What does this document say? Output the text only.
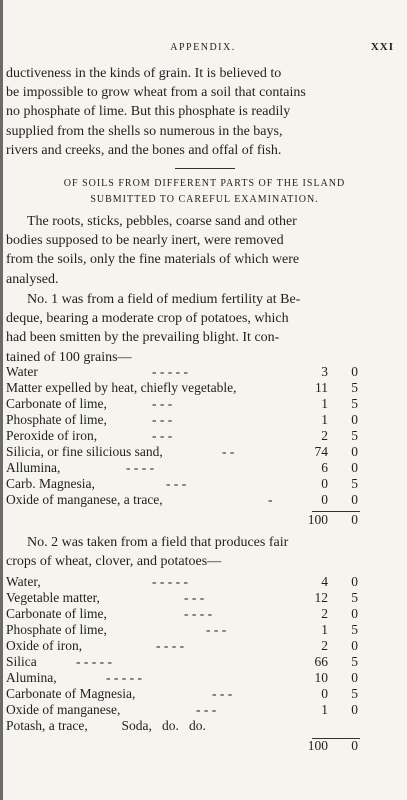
APPENDIX.	XXI

ductiveness in the kinds of grain. It is believed to

be impossible to grow wheat from a soil that contains

no phosphate of lime. But this phosphate is readily

supplied from the shells so numerous in the bays,

rivers and creeks, and the bones and offal of fish.

OF SOILS FROM DIFFERENT PARTS OF THE ISLAND
SUBMITTED TO CAREFUL EXAMINATION.

The roots, sticks, pebbles, coarse sand and other

bodies supposed to be nearly inert, were removed

from the soils, only the fine materials of which were

analysed.

No. 1 was from a field of medium fertility at Be-

deque, bearing a moderate crop of potatoes, which

had been smitten by the prevailing blight. It con-

tained of 100 grains—

Water	- - - - -	3 0
Matter expelled by heat, chiefly vegetable,	11 5
Carbonate of lime,	- - -	1 5
Phosphate of lime,	- - -	1 0
Peroxide of iron,	- - -	2 5
Silicia, or fine silicious sand,	- -	74 0
Allumina,	- - - -	6 0
Carb. Magnesia,	- - -	0 5
Oxide of manganese, a trace,	-	0 0
100 0

No. 2 was taken from a field that produces fair

crops of wheat, clover, and potatoes—

Water,	- - - - -	4 0
Vegetable matter,	- - -	12 5
Carbonate of lime,	- - - -	2 0
Phosphate of lime,	- - -	1 5
Oxide of iron,	- - - -	2 0
Silica	- - - - -	66 5
Alumina,	- - - - -	10 0
Carbonate of Magnesia,	- - -	0 5
Oxide of manganese,	- - -	1 0
Potash, a trace,          Soda,   do.   do.
100 0
